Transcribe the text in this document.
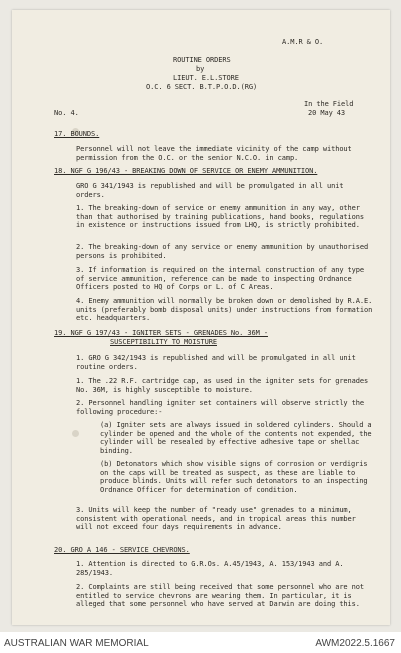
A.M.R & O.
ROUTINE ORDERS
by
LIEUT. E.L.STORE
O.C. 6 SECT. B.T.P.O.D.(RG)
No. 4.
In the Field
20 May 43
17. BOUNDS.
Personnel will not leave the immediate vicinity of the camp without permission from the O.C. or the senior N.C.O. in camp.
18. NGF G 196/43 - BREAKING DOWN OF SERVICE OR ENEMY AMMUNITION.
GRO G 341/1943 is republished and will be promulgated in all unit orders.
1. The breaking-down of service or enemy ammunition in any way, other than that authorised by training publications, hand books, regulations in existence or instructions issued from LHQ, is strictly prohibited.
2. The breaking-down of any service or enemy ammunition by unauthorised persons is prohibited.
3. If information is required on the internal construction of any type of service ammunition, reference can be made to inspecting Ordnance Officers posted to HQ of Corps or L. of C Areas.
4. Enemy ammunition will normally be broken down or demolished by R.A.E. units (preferably bomb disposal units) under instructions from formation etc. headquarters.
19. NGF G 197/43 - IGNITER SETS - GRENADES No. 36M -
SUSCEPTIBILITY TO MOISTURE
1. GRO G 342/1943 is republished and will be promulgated in all unit routine orders.
1. The .22 R.F. cartridge cap, as used in the igniter sets for grenades No. 36M, is highly susceptible to moisture.
2. Personnel handling igniter set containers will observe strictly the following procedure:-
(a) Igniter sets are always issued in soldered cylinders. Should a cylinder be opened and the whole of the contents not expended, the cylinder will be resealed by effective adhesive tape or shellac binding.
(b) Detonators which show visible signs of corrosion or verdigris on the caps will be treated as suspect, as these are liable to produce blinds. Units will refer such detonators to an inspecting Ordnance Officer for determination of condition.
3. Units will keep the number of "ready use" grenades to a minimum, consistent with operational needs, and in tropical areas this number will not exceed four days requirements in advance.
20. GRO A 146 - SERVICE CHEVRONS.
1. Attention is directed to G.R.Os. A.45/1943, A. 153/1943 and A. 285/1943.
2. Complaints are still being received that some personnel who are not entitled to service chevrons are wearing them. In particular, it is alleged that some personnel who have served at Darwin are doing this.
AUSTRALIAN WAR MEMORIAL	AWM2022.5.1667
